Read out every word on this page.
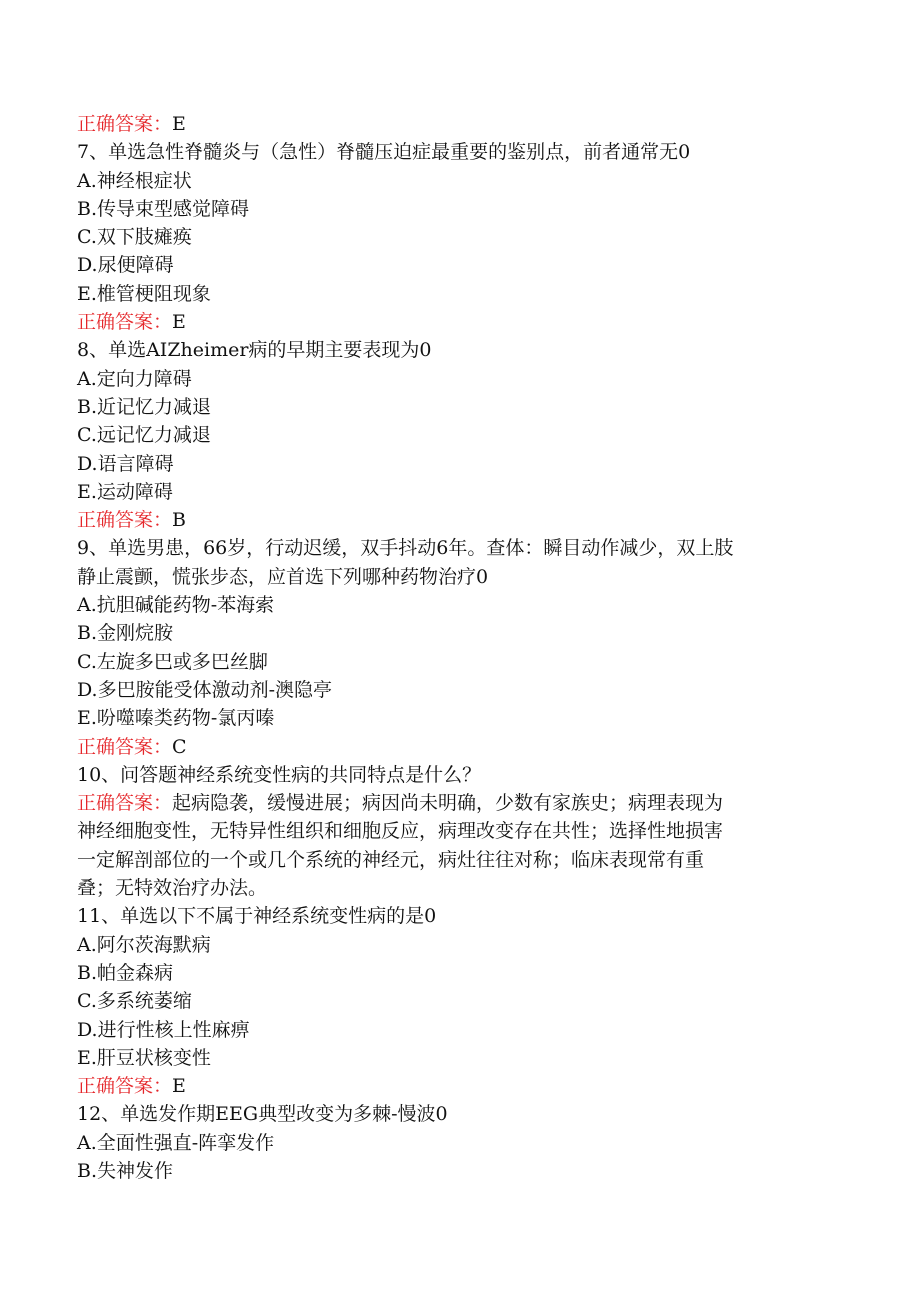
正确答案：E
7、单选急性脊髓炎与（急性）脊髓压迫症最重要的鉴别点，前者通常无0
A.神经根症状
B.传导束型感觉障碍
C.双下肢瘫痪
D.尿便障碍
E.椎管梗阻现象
正确答案：E
8、单选AIZheimer病的早期主要表现为0
A.定向力障碍
B.近记忆力减退
C.远记忆力减退
D.语言障碍
E.运动障碍
正确答案：B
9、单选男患，66岁，行动迟缓，双手抖动6年。查体：瞬目动作减少，双上肢
静止震颤，慌张步态，应首选下列哪种药物治疗0
A.抗胆碱能药物-苯海索
B.金刚烷胺
C.左旋多巴或多巴丝脚
D.多巴胺能受体激动剂-澳隐亭
E.吩噬嗪类药物-氯丙嗪
正确答案：C
10、问答题神经系统变性病的共同特点是什么？
正确答案：起病隐袭，缓慢进展；病因尚未明确，少数有家族史；病理表现为
神经细胞变性，无特异性组织和细胞反应，病理改变存在共性；选择性地损害
一定解剖部位的一个或几个系统的神经元，病灶往往对称；临床表现常有重
叠；无特效治疗办法。
11、单选以下不属于神经系统变性病的是0
A.阿尔茨海默病
B.帕金森病
C.多系统萎缩
D.进行性核上性麻痹
E.肝豆状核变性
正确答案：E
12、单选发作期EEG典型改变为多棘-慢波0
A.全面性强直-阵挛发作
B.失神发作
